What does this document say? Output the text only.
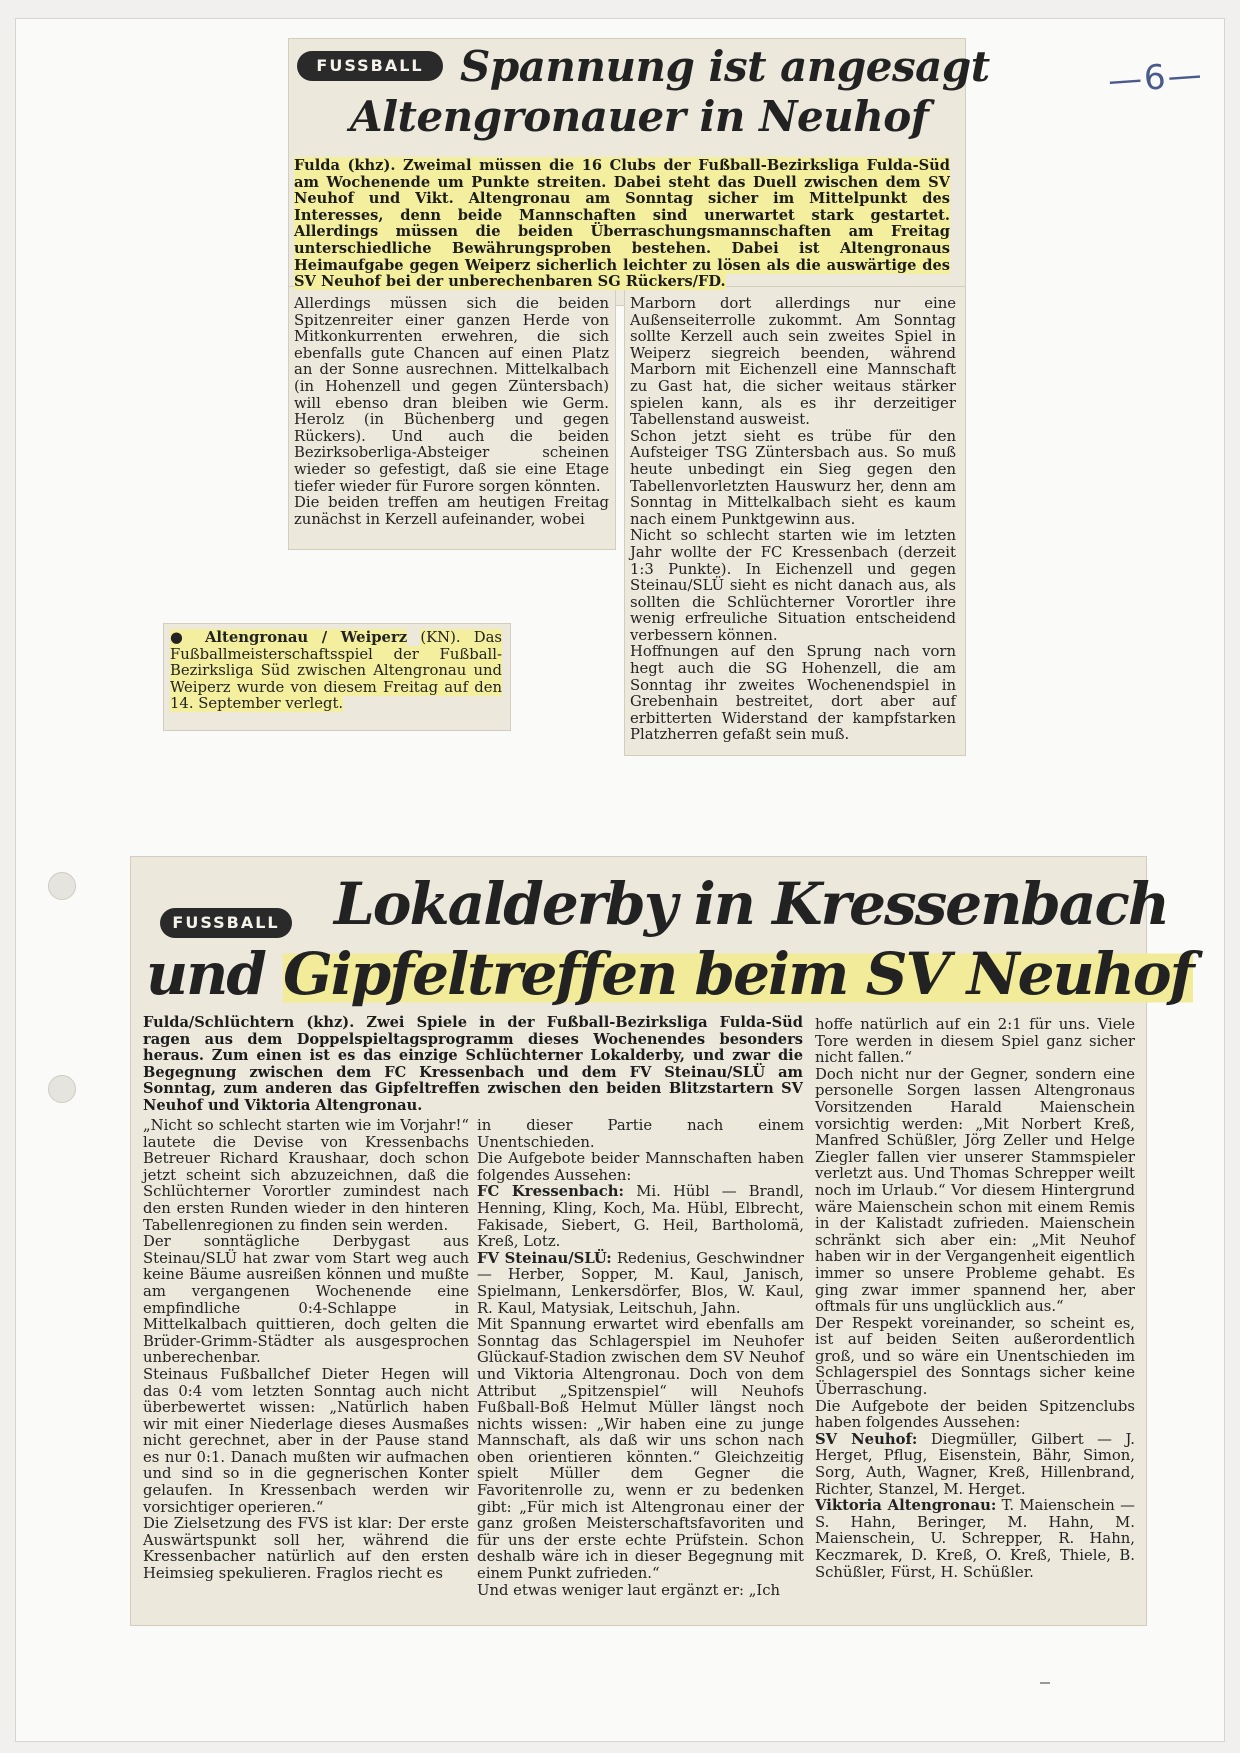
—6—
FUSSBALL Spannung ist angesagt
Altengronauer in Neuhof
Fulda (khz). Zweimal müssen die 16 Clubs der Fußball-Bezirksliga Fulda-Süd am Wochenende um Punkte streiten. Dabei steht das Duell zwischen dem SV Neuhof und Vikt. Altengronau am Sonntag sicher im Mittelpunkt des Interesses, denn beide Mannschaften sind unerwartet stark gestartet. Allerdings müssen die beiden Überraschungsmannschaften am Freitag unterschiedliche Bewährungsproben bestehen. Dabei ist Altengronaus Heimaufgabe gegen Weiperz sicherlich leichter zu lösen als die auswärtige des SV Neuhof bei der unberechenbaren SG Rückers/FD.

Allerdings müssen sich die beiden Spitzenreiter einer ganzen Herde von Mitkonkurrenten erwehren, die sich ebenfalls gute Chancen auf einen Platz an der Sonne ausrechnen. Mittelkalbach (in Hohenzell und gegen Züntersbach) will ebenso dran bleiben wie Germ. Herolz (in Büchenberg und gegen Rückers). Und auch die beiden Bezirksoberliga-Absteiger scheinen wieder so gefestigt, daß sie eine Etage tiefer wieder für Furore sorgen könnten.

Die beiden treffen am heutigen Freitag zunächst in Kerzell aufeinander, wobei

Marborn dort allerdings nur eine Außenseiterrolle zukommt. Am Sonntag sollte Kerzell auch sein zweites Spiel in Weiperz siegreich beenden, während Marborn mit Eichenzell eine Mannschaft zu Gast hat, die sicher weitaus stärker spielen kann, als es ihr derzeitiger Tabellenstand ausweist.

Schon jetzt sieht es trübe für den Aufsteiger TSG Züntersbach aus. So muß heute unbedingt ein Sieg gegen den Tabellenvorletzten Hauswurz her, denn am Sonntag in Mittelkalbach sieht es kaum nach einem Punktgewinn aus.

Nicht so schlecht starten wie im letzten Jahr wollte der FC Kressenbach (derzeit 1:3 Punkte). In Eichenzell und gegen Steinau/SLÜ sieht es nicht danach aus, als sollten die Schlüchterner Vorortler ihre wenig erfreuliche Situation entscheidend verbessern können.

Hoffnungen auf den Sprung nach vorn hegt auch die SG Hohenzell, die am Sonntag ihr zweites Wochenendspiel in Grebenhain bestreitet, dort aber auf erbitterten Widerstand der kampfstarken Platzherren gefaßt sein muß.

● Altengronau / Weiperz (KN). Das Fußballmeisterschaftsspiel der Fußball-Bezirksliga Süd zwischen Altengronau und Weiperz wurde von diesem Freitag auf den 14. September verlegt.

FUSSBALL Lokalderby in Kressenbach
und Gipfeltreffen beim SV Neuhof
Fulda/Schlüchtern (khz). Zwei Spiele in der Fußball-Bezirksliga Fulda-Süd ragen aus dem Doppelspieltagsprogramm dieses Wochenendes besonders heraus. Zum einen ist es das einzige Schlüchterner Lokalderby, und zwar die Begegnung zwischen dem FC Kressenbach und dem FV Steinau/SLÜ am Sonntag, zum anderen das Gipfeltreffen zwischen den beiden Blitzstartern SV Neuhof und Viktoria Altengronau.

„Nicht so schlecht starten wie im Vorjahr!“ lautete die Devise von Kressenbachs Betreuer Richard Kraushaar, doch schon jetzt scheint sich abzuzeichnen, daß die Schlüchterner Vorortler zumindest nach den ersten Runden wieder in den hinteren Tabellenregionen zu finden sein werden.

Der sonntägliche Derbygast aus Steinau/SLÜ hat zwar vom Start weg auch keine Bäume ausreißen können und mußte am vergangenen Wochenende eine empfindliche 0:4-Schlappe in Mittelkalbach quittieren, doch gelten die Brüder-Grimm-Städter als ausgesprochen unberechenbar.

Steinaus Fußballchef Dieter Hegen will das 0:4 vom letzten Sonntag auch nicht überbewertet wissen: „Natürlich haben wir mit einer Niederlage dieses Ausmaßes nicht gerechnet, aber in der Pause stand es nur 0:1. Danach mußten wir aufmachen und sind so in die gegnerischen Konter gelaufen. In Kressenbach werden wir vorsichtiger operieren.“

Die Zielsetzung des FVS ist klar: Der erste Auswärtspunkt soll her, während die Kressenbacher natürlich auf den ersten Heimsieg spekulieren. Fraglos riecht es

in dieser Partie nach einem Unentschieden.

Die Aufgebote beider Mannschaften haben folgendes Aussehen:

FC Kressenbach: Mi. Hübl — Brandl, Henning, Kling, Koch, Ma. Hübl, Elbrecht, Fakisade, Siebert, G. Heil, Bartholomä, Kreß, Lotz.

FV Steinau/SLÜ: Redenius, Geschwindner — Herber, Sopper, M. Kaul, Janisch, Spielmann, Lenkersdörfer, Blos, W. Kaul, R. Kaul, Matysiak, Leitschuh, Jahn.

Mit Spannung erwartet wird ebenfalls am Sonntag das Schlagerspiel im Neuhofer Glückauf-Stadion zwischen dem SV Neuhof und Viktoria Altengronau. Doch von dem Attribut „Spitzenspiel“ will Neuhofs Fußball-Boß Helmut Müller längst noch nichts wissen: „Wir haben eine zu junge Mannschaft, als daß wir uns schon nach oben orientieren könnten.“ Gleichzeitig spielt Müller dem Gegner die Favoritenrolle zu, wenn er zu bedenken gibt: „Für mich ist Altengronau einer der ganz großen Meisterschaftsfavoriten und für uns der erste echte Prüfstein. Schon deshalb wäre ich in dieser Begegnung mit einem Punkt zufrieden.“

Und etwas weniger laut ergänzt er: „Ich

hoffe natürlich auf ein 2:1 für uns. Viele Tore werden in diesem Spiel ganz sicher nicht fallen.“

Doch nicht nur der Gegner, sondern eine personelle Sorgen lassen Altengronaus Vorsitzenden Harald Maienschein vorsichtig werden: „Mit Norbert Kreß, Manfred Schüßler, Jörg Zeller und Helge Ziegler fallen vier unserer Stammspieler verletzt aus. Und Thomas Schrepper weilt noch im Urlaub.“ Vor diesem Hintergrund wäre Maienschein schon mit einem Remis in der Kalistadt zufrieden. Maienschein schränkt sich aber ein: „Mit Neuhof haben wir in der Vergangenheit eigentlich immer so unsere Probleme gehabt. Es ging zwar immer spannend her, aber oftmals für uns unglücklich aus.“

Der Respekt voreinander, so scheint es, ist auf beiden Seiten außerordentlich groß, und so wäre ein Unentschieden im Schlagerspiel des Sonntags sicher keine Überraschung.

Die Aufgebote der beiden Spitzenclubs haben folgendes Aussehen:

SV Neuhof: Diegmüller, Gilbert — J. Herget, Pflug, Eisenstein, Bähr, Simon, Sorg, Auth, Wagner, Kreß, Hillenbrand, Richter, Stanzel, M. Herget.

Viktoria Altengronau: T. Maienschein — S. Hahn, Beringer, M. Hahn, M. Maienschein, U. Schrepper, R. Hahn, Keczmarek, D. Kreß, O. Kreß, Thiele, B. Schüßler, Fürst, H. Schüßler.
